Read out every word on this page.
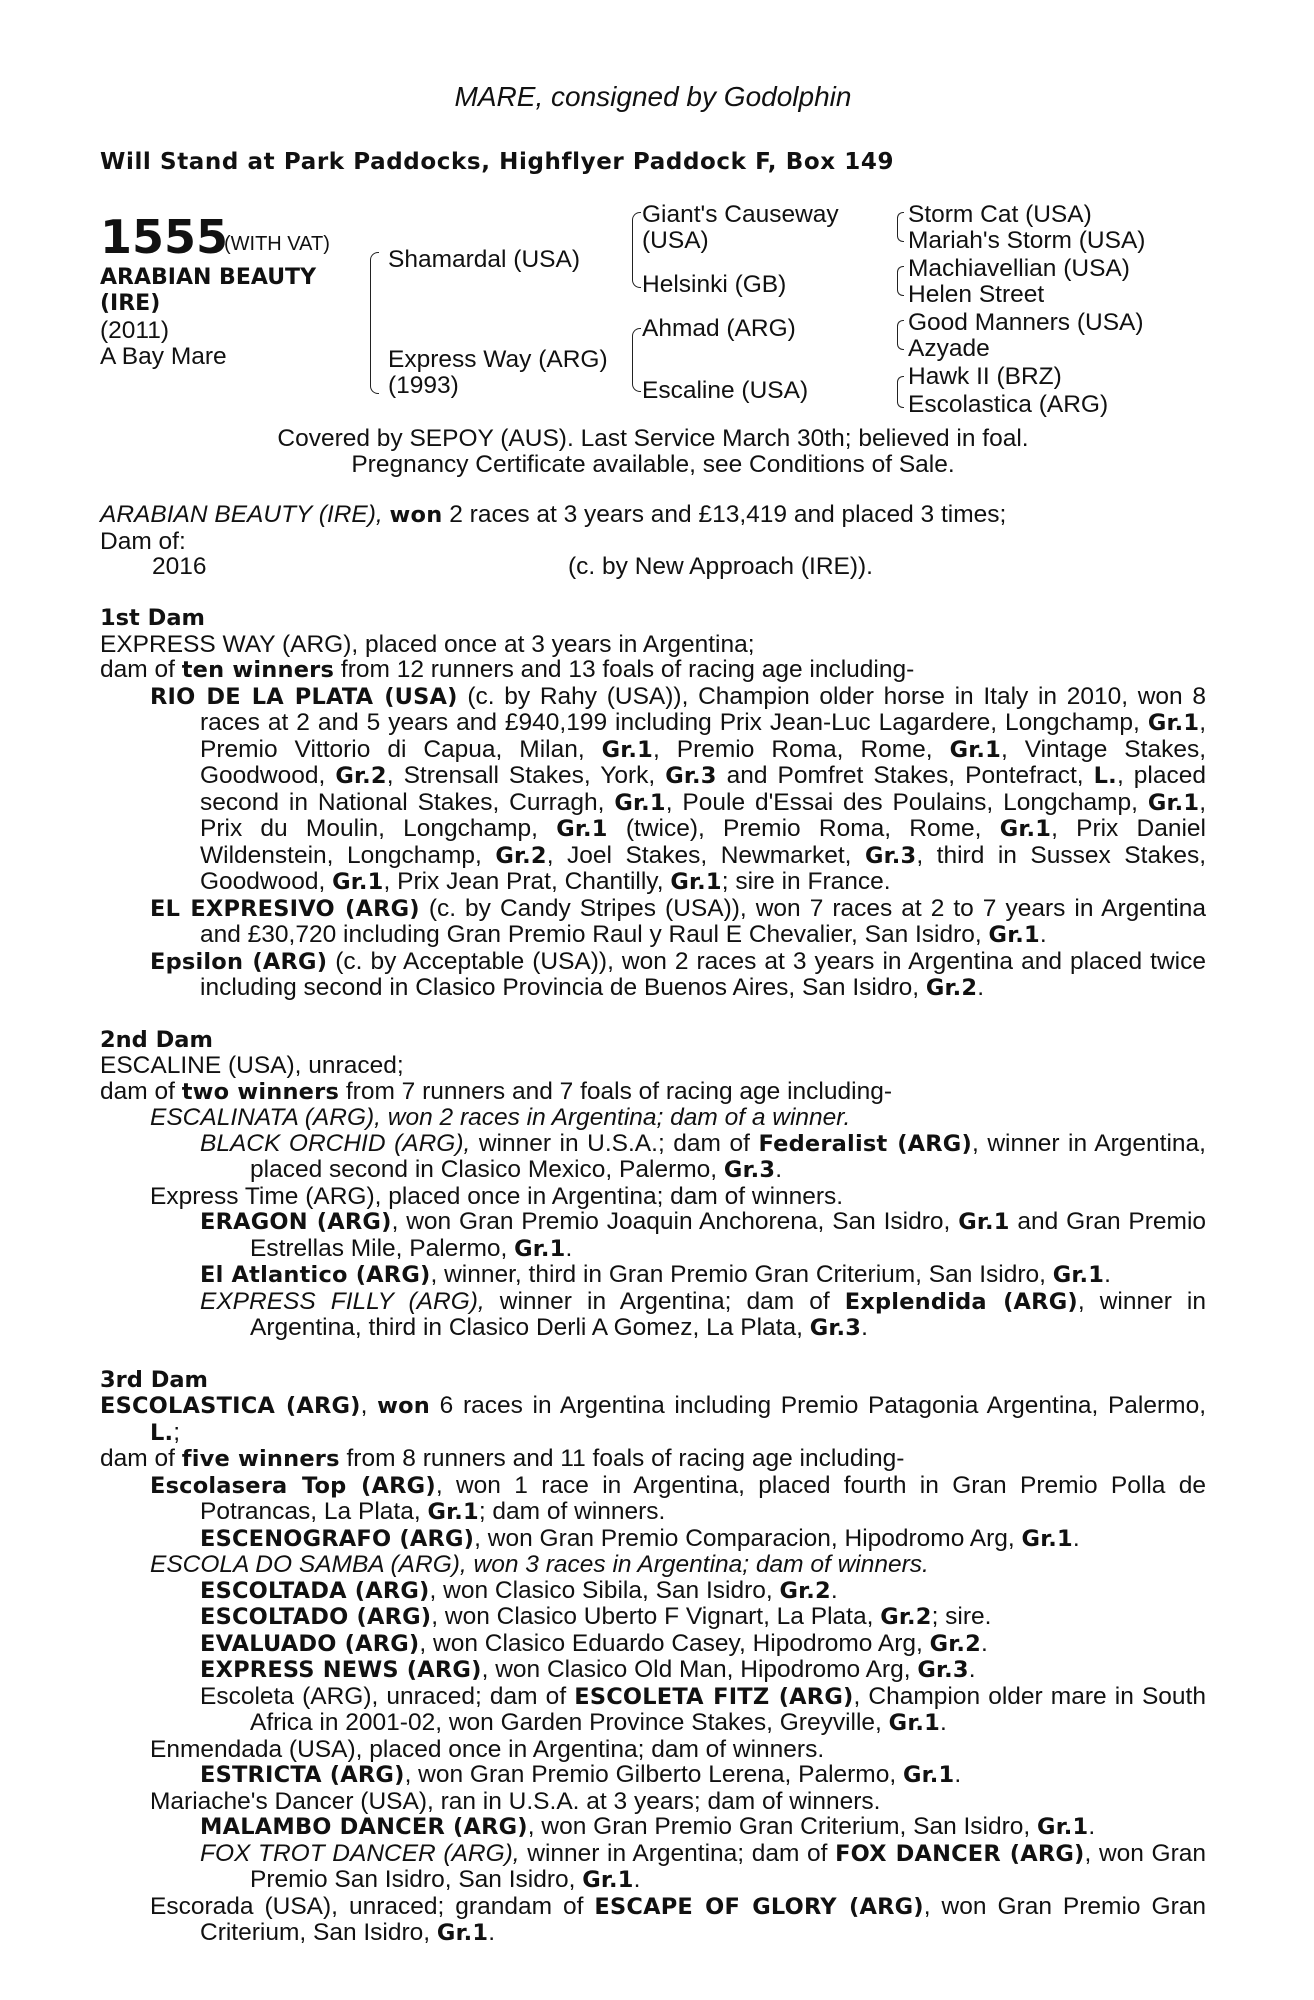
MARE, consigned by Godolphin
Will Stand at Park Paddocks, Highflyer Paddock F, Box 149
1555
(WITH VAT)
ARABIAN BEAUTY (IRE)
(2011)
A Bay Mare
Shamardal (USA)
Express Way (ARG)
(1993)
Giant's Causeway
(USA)
Helsinki (GB)
Ahmad (ARG)
Escaline (USA)
Storm Cat (USA)
Mariah's Storm (USA)
Machiavellian (USA)
Helen Street
Good Manners (USA)
Azyade
Hawk II (BRZ)
Escolastica (ARG)
Covered by SEPOY (AUS). Last Service March 30th; believed in foal.
Pregnancy Certificate available, see Conditions of Sale.

ARABIAN BEAUTY (IRE), won 2 races at 3 years and £13,419 and placed 3 times;

Dam of:

2016	(c. by New Approach (IRE)).

1st Dam

EXPRESS WAY (ARG), placed once at 3 years in Argentina;

dam of ten winners from 12 runners and 13 foals of racing age including-

RIO DE LA PLATA (USA) (c. by Rahy (USA)), Champion older horse in Italy in 2010, won 8 races at 2 and 5 years and £940,199 including Prix Jean-Luc Lagardere, Longchamp, Gr.1, Premio Vittorio di Capua, Milan, Gr.1, Premio Roma, Rome, Gr.1, Vintage Stakes, Goodwood, Gr.2, Strensall Stakes, York, Gr.3 and Pomfret Stakes, Pontefract, L., placed second in National Stakes, Curragh, Gr.1, Poule d'Essai des Poulains, Longchamp, Gr.1, Prix du Moulin, Longchamp, Gr.1 (twice), Premio Roma, Rome, Gr.1, Prix Daniel Wildenstein, Longchamp, Gr.2, Joel Stakes, Newmarket, Gr.3, third in Sussex Stakes, Goodwood, Gr.1, Prix Jean Prat, Chantilly, Gr.1; sire in France.

EL EXPRESIVO (ARG) (c. by Candy Stripes (USA)), won 7 races at 2 to 7 years in Argentina and £30,720 including Gran Premio Raul y Raul E Chevalier, San Isidro, Gr.1.

Epsilon (ARG) (c. by Acceptable (USA)), won 2 races at 3 years in Argentina and placed twice including second in Clasico Provincia de Buenos Aires, San Isidro, Gr.2.

2nd Dam

ESCALINE (USA), unraced;

dam of two winners from 7 runners and 7 foals of racing age including-

ESCALINATA (ARG), won 2 races in Argentina; dam of a winner.

BLACK ORCHID (ARG), winner in U.S.A.; dam of Federalist (ARG), winner in Argentina, placed second in Clasico Mexico, Palermo, Gr.3.

Express Time (ARG), placed once in Argentina; dam of winners.

ERAGON (ARG), won Gran Premio Joaquin Anchorena, San Isidro, Gr.1 and Gran Premio Estrellas Mile, Palermo, Gr.1.

El Atlantico (ARG), winner, third in Gran Premio Gran Criterium, San Isidro, Gr.1.

EXPRESS FILLY (ARG), winner in Argentina; dam of Explendida (ARG), winner in Argentina, third in Clasico Derli A Gomez, La Plata, Gr.3.

3rd Dam

ESCOLASTICA (ARG), won 6 races in Argentina including Premio Patagonia Argentina, Palermo, L.;

dam of five winners from 8 runners and 11 foals of racing age including-

Escolasera Top (ARG), won 1 race in Argentina, placed fourth in Gran Premio Polla de Potrancas, La Plata, Gr.1; dam of winners.

ESCENOGRAFO (ARG), won Gran Premio Comparacion, Hipodromo Arg, Gr.1.

ESCOLA DO SAMBA (ARG), won 3 races in Argentina; dam of winners.

ESCOLTADA (ARG), won Clasico Sibila, San Isidro, Gr.2.

ESCOLTADO (ARG), won Clasico Uberto F Vignart, La Plata, Gr.2; sire.

EVALUADO (ARG), won Clasico Eduardo Casey, Hipodromo Arg, Gr.2.

EXPRESS NEWS (ARG), won Clasico Old Man, Hipodromo Arg, Gr.3.

Escoleta (ARG), unraced; dam of ESCOLETA FITZ (ARG), Champion older mare in South Africa in 2001-02, won Garden Province Stakes, Greyville, Gr.1.

Enmendada (USA), placed once in Argentina; dam of winners.

ESTRICTA (ARG), won Gran Premio Gilberto Lerena, Palermo, Gr.1.

Mariache's Dancer (USA), ran in U.S.A. at 3 years; dam of winners.

MALAMBO DANCER (ARG), won Gran Premio Gran Criterium, San Isidro, Gr.1.

FOX TROT DANCER (ARG), winner in Argentina; dam of FOX DANCER (ARG), won Gran Premio San Isidro, San Isidro, Gr.1.

Escorada (USA), unraced; grandam of ESCAPE OF GLORY (ARG), won Gran Premio Gran Criterium, San Isidro, Gr.1.
